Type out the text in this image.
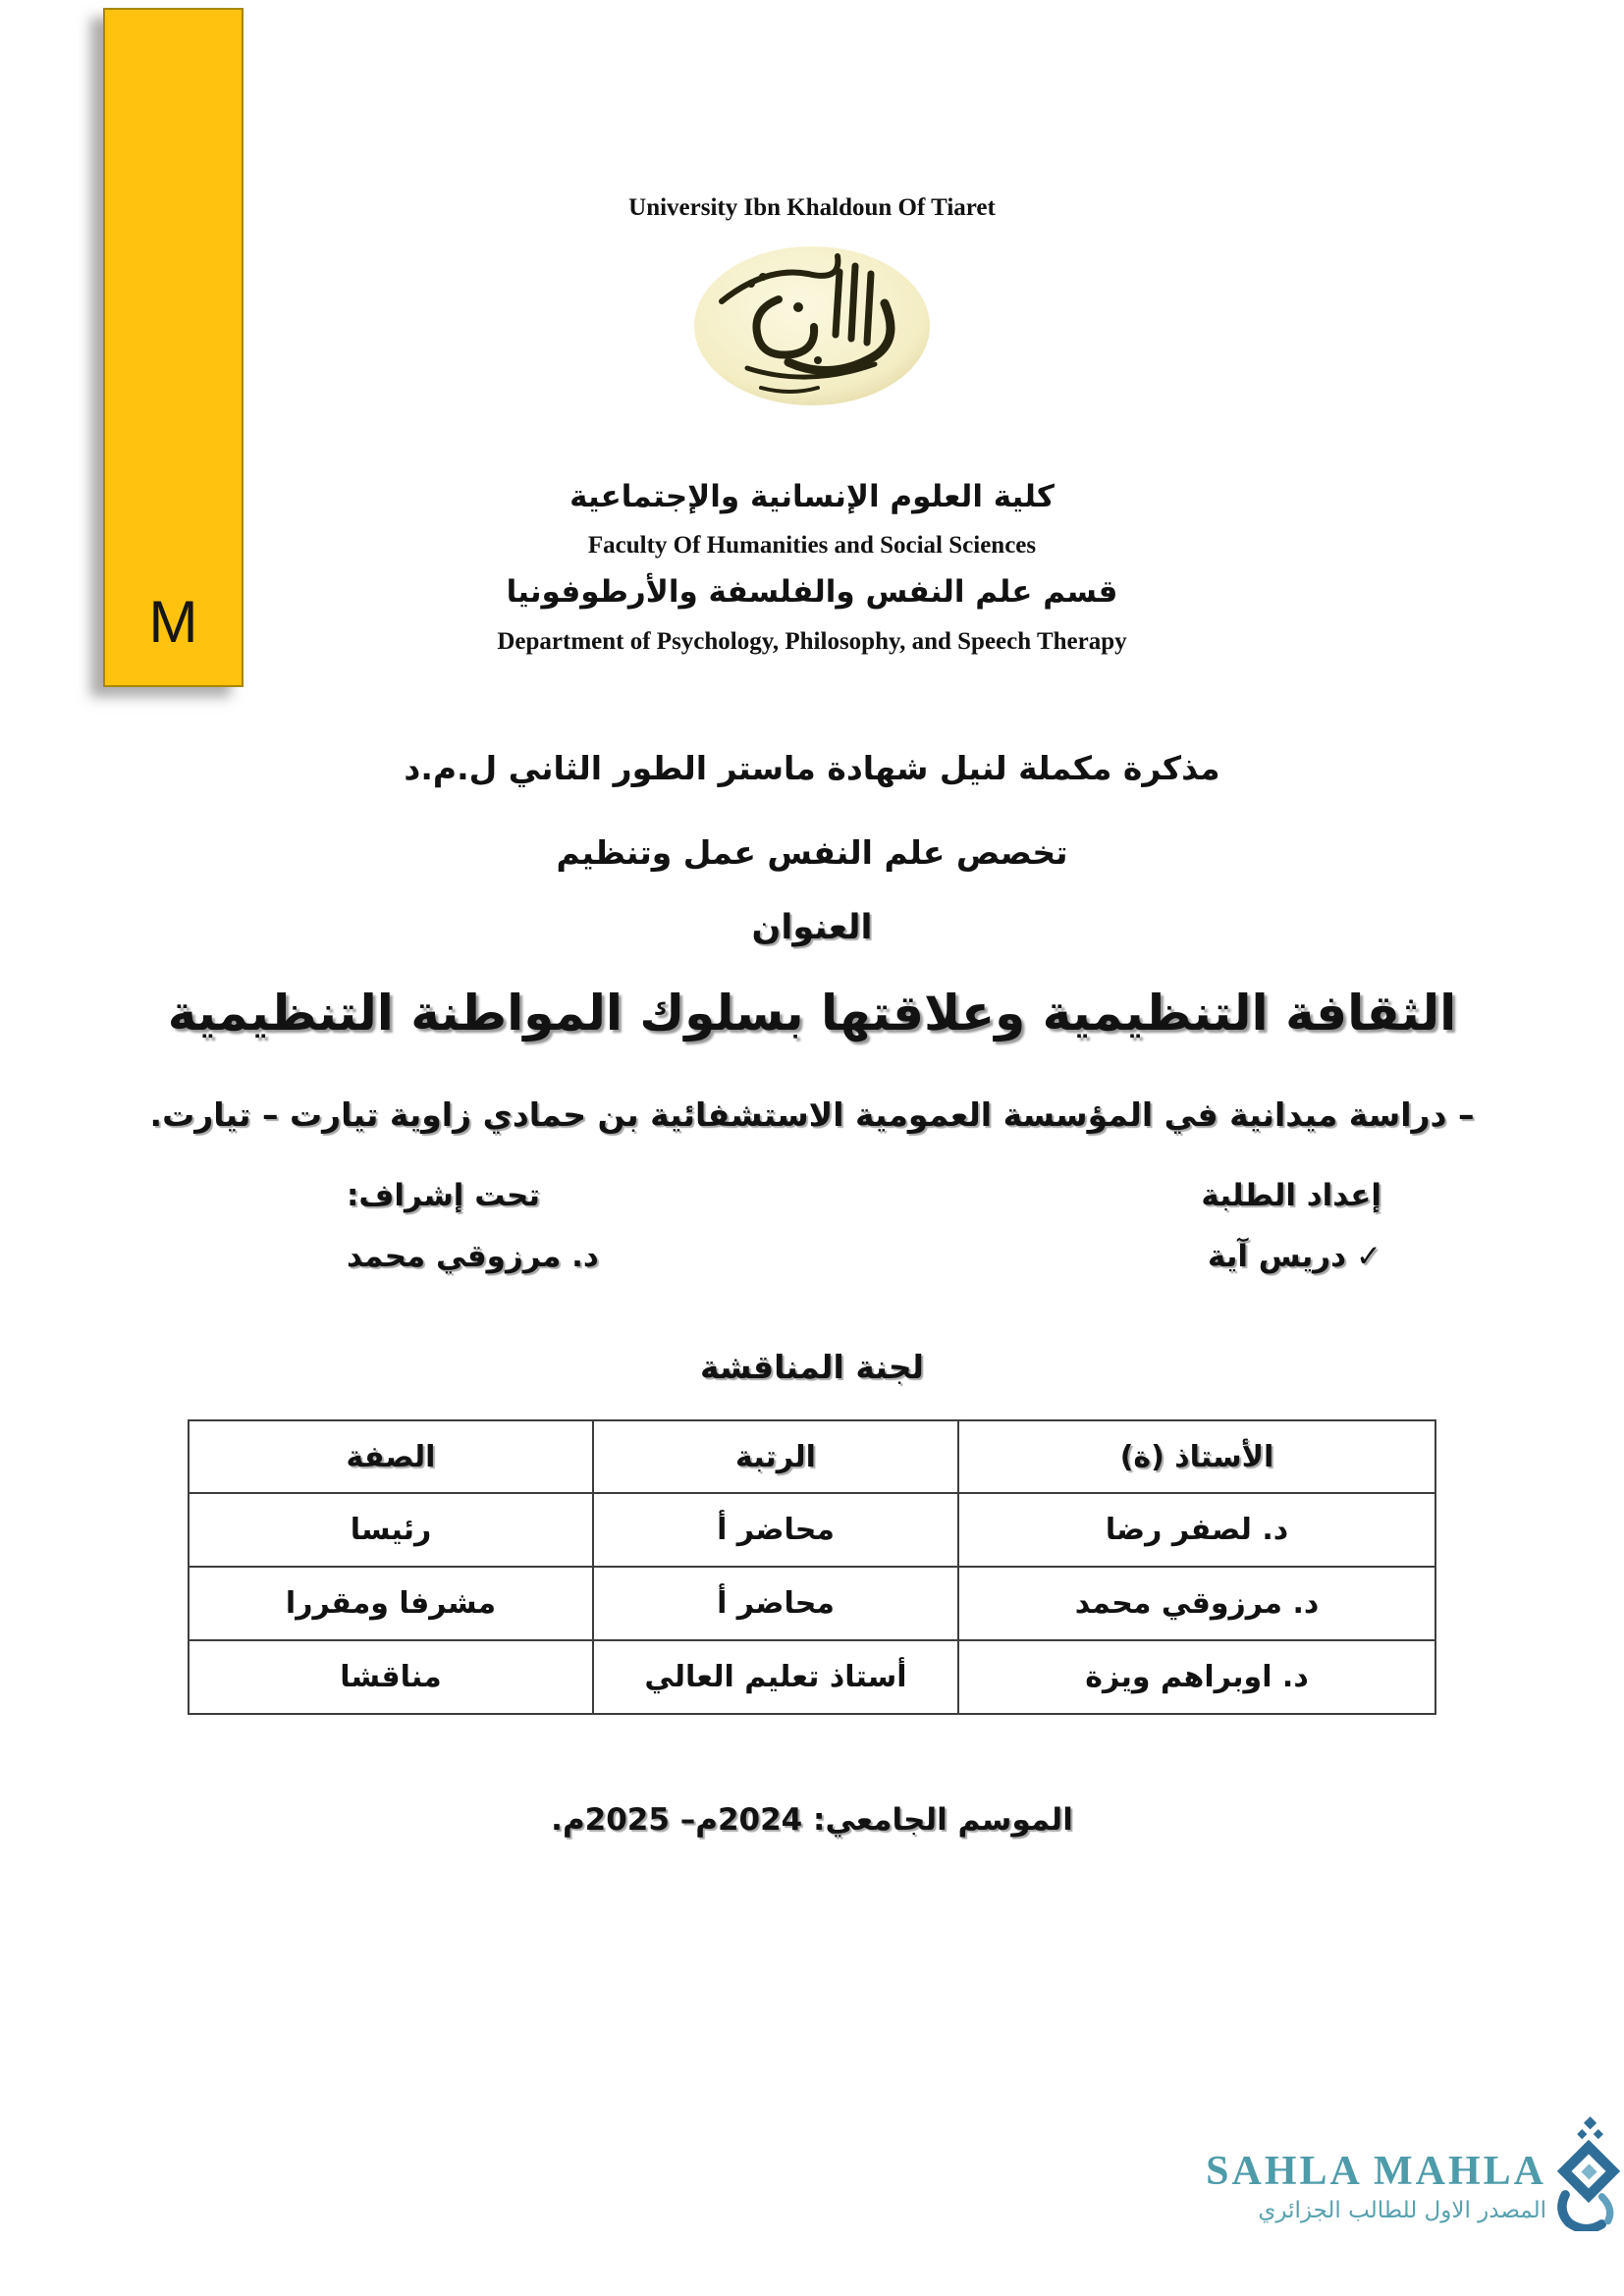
M
University Ibn Khaldoun Of Tiaret
كلية العلوم الإنسانية والإجتماعية
Faculty Of Humanities and Social Sciences
قسم علم النفس والفلسفة والأرطوفونيا
Department of Psychology, Philosophy, and Speech Therapy
مذكرة مكملة لنيل شهادة ماستر الطور الثاني ل.م.د
تخصص علم النفس عمل وتنظيم
العنوان
الثقافة التنظيمية وعلاقتها بسلوك المواطنة التنظيمية
– دراسة ميدانية في المؤسسة العمومية الاستشفائية بن حمادي زاوية تيارت – تيارت.
إعداد الطلبة
تحت إشراف:
✓دريس آية
د. مرزوقي محمد
لجنة المناقشة
الصفة	الرتبة	الأستاذ (ة)
رئيسا	محاضر أ	د. لصفر رضا
مشرفا ومقررا	محاضر أ	د. مرزوقي محمد
مناقشا	أستاذ تعليم العالي	د. اوبراهم ويزة
الموسم الجامعي: 2024م– 2025م.
SAHLA MAHLA
المصدر الاول للطالب الجزائري
